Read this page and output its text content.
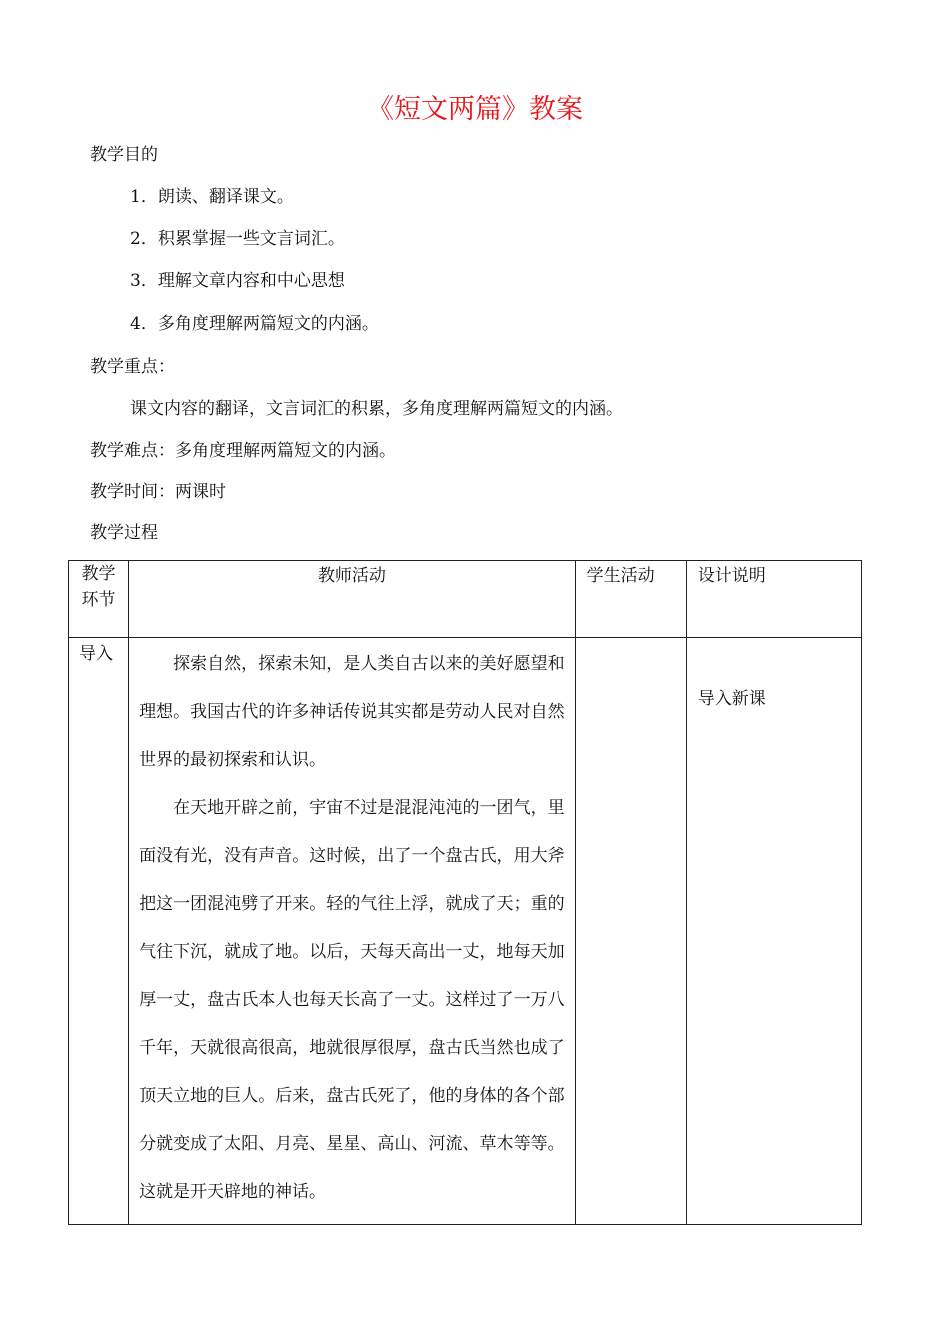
《短文两篇》教案
教学目的
1．朗读、翻译课文。
2．积累掌握一些文言词汇。
3．理解文章内容和中心思想
4．多角度理解两篇短文的内涵。
教学重点：
课文内容的翻译，文言词汇的积累，多角度理解两篇短文的内涵。
教学难点：多角度理解两篇短文的内涵。
教学时间：两课时
教学过程
教学
环节	教师活动	学生活动	设计说明
导入	探索自然，探索未知，是人类自古以来的美好愿望和理想。我国古代的许多神话传说其实都是劳动人民对自然世界的最初探索和认识。

在天地开辟之前，宇宙不过是混混沌沌的一团气，里面没有光，没有声音。这时候，出了一个盘古氏，用大斧把这一团混沌劈了开来。轻的气往上浮，就成了天；重的气往下沉，就成了地。以后，天每天高出一丈，地每天加厚一丈，盘古氏本人也每天长高了一丈。这样过了一万八千年，天就很高很高，地就很厚很厚，盘古氏当然也成了顶天立地的巨人。后来，盘古氏死了，他的身体的各个部分就变成了太阳、月亮、星星、高山、河流、草木等等。这就是开天辟地的神话。		导入新课
